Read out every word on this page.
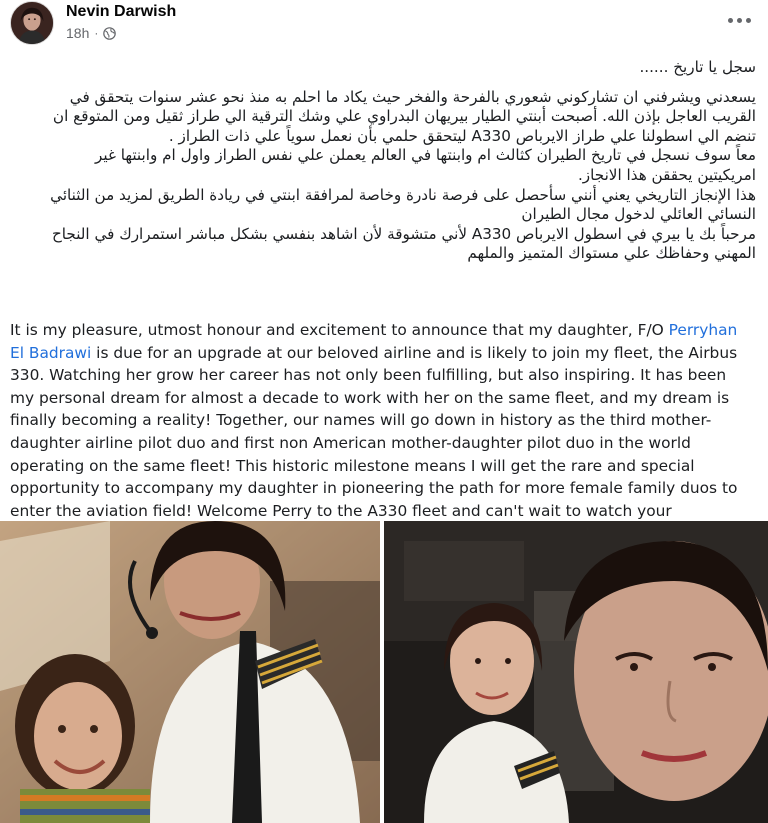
Nevin Darwish
18h ·

سجل يا تاريخ ......

يسعدني ويشرفني ان تشاركوني شعوري بالفرحة والفخر حيث يكاد ما احلم به منذ نحو عشر سنوات يتحقق في

القريب العاجل بإذن الله. أصبحت أبنتي الطيار بيريهان البدراوي علي وشك الترقية الي طراز ثقيل ومن المتوقع ان

تنضم الي اسطولنا علي طراز الايرباص A330 ليتحقق حلمي بأن نعمل سوياً علي ذات الطراز .

معاً سوف نسجل في تاريخ الطيران كثالث ام وابنتها في العالم يعملن علي نفس الطراز واول ام وابنتها غير

امريكيتين يحققن هذا الانجاز.

هذا الإنجاز التاريخي يعني أنني سأحصل على فرصة نادرة وخاصة لمرافقة ابنتي في ريادة الطريق لمزيد من الثنائي

النسائي العائلي لدخول مجال الطيران

مرحباً بك يا بيري في اسطول الايرباص A330 لأني متشوقة لأن اشاهد بنفسي بشكل مباشر استمرارك في النجاح

المهني وحفاظك علي مستواك المتميز والملهم

It is my pleasure, utmost honour and excitement to announce that my daughter, F/O Perryhan
El Badrawi is due for an upgrade at our beloved airline and is likely to join my fleet, the Airbus
330. Watching her grow her career has not only been fulfilling, but also inspiring. It has been
my personal dream for almost a decade to work with her on the same fleet, and my dream is
finally becoming a reality! Together, our names will go down in history as the third mother-
daughter airline pilot duo and first non American mother-daughter pilot duo in the world
operating on the same fleet! This historic milestone means I will get the rare and special
opportunity to accompany my daughter in pioneering the path for more female family duos to
enter the aviation field! Welcome Perry to the A330 fleet and can't wait to watch your
